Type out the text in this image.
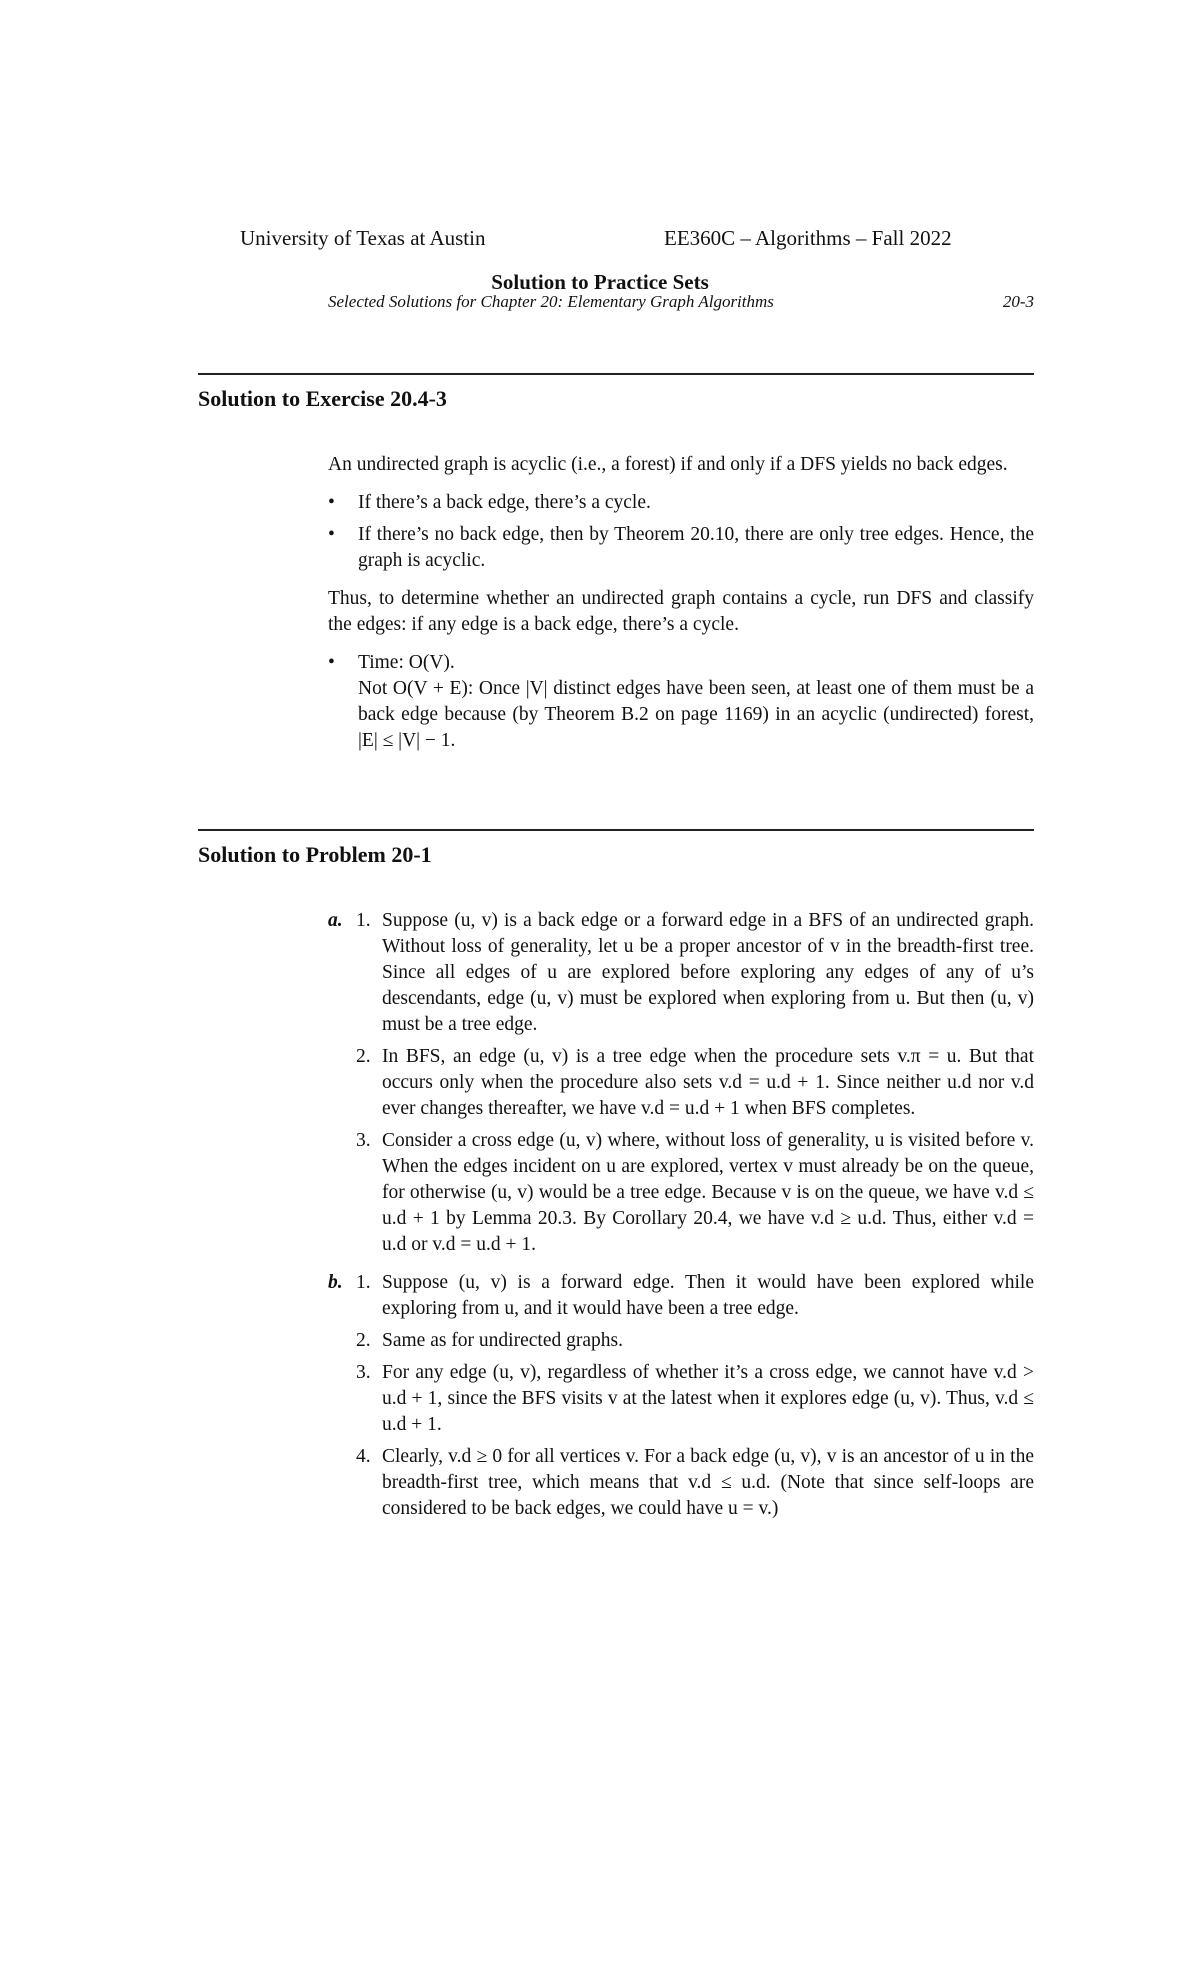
University of Texas at Austin	EE360C – Algorithms – Fall 2022
Solution to Practice Sets
Selected Solutions for Chapter 20: Elementary Graph Algorithms	20-3
Solution to Exercise 20.4-3

An undirected graph is acyclic (i.e., a forest) if and only if a DFS yields no back edges.

• If there’s a back edge, there’s a cycle.
• If there’s no back edge, then by Theorem 20.10, there are only tree edges. Hence, the graph is acyclic.

Thus, to determine whether an undirected graph contains a cycle, run DFS and classify the edges: if any edge is a back edge, there’s a cycle.

• Time: O(V).
Not O(V + E): Once |V| distinct edges have been seen, at least one of them must be a back edge because (by Theorem B.2 on page 1169) in an acyclic (undirected) forest, |E| ≤ |V| − 1.
Solution to Problem 20-1
a. 1. Suppose (u, v) is a back edge or a forward edge in a BFS of an undirected graph. Without loss of generality, let u be a proper ancestor of v in the breadth-first tree. Since all edges of u are explored before exploring any edges of any of u’s descendants, edge (u, v) must be explored when exploring from u. But then (u, v) must be a tree edge.
2. In BFS, an edge (u, v) is a tree edge when the procedure sets v.π = u. But that occurs only when the procedure also sets v.d = u.d + 1. Since neither u.d nor v.d ever changes thereafter, we have v.d = u.d + 1 when BFS completes.
3. Consider a cross edge (u, v) where, without loss of generality, u is visited before v. When the edges incident on u are explored, vertex v must already be on the queue, for otherwise (u, v) would be a tree edge. Because v is on the queue, we have v.d ≤ u.d + 1 by Lemma 20.3. By Corollary 20.4, we have v.d ≥ u.d. Thus, either v.d = u.d or v.d = u.d + 1.
b. 1. Suppose (u, v) is a forward edge. Then it would have been explored while exploring from u, and it would have been a tree edge.
2. Same as for undirected graphs.
3. For any edge (u, v), regardless of whether it’s a cross edge, we cannot have v.d > u.d + 1, since the BFS visits v at the latest when it explores edge (u, v). Thus, v.d ≤ u.d + 1.
4. Clearly, v.d ≥ 0 for all vertices v. For a back edge (u, v), v is an ancestor of u in the breadth-first tree, which means that v.d ≤ u.d. (Note that since self-loops are considered to be back edges, we could have u = v.)
